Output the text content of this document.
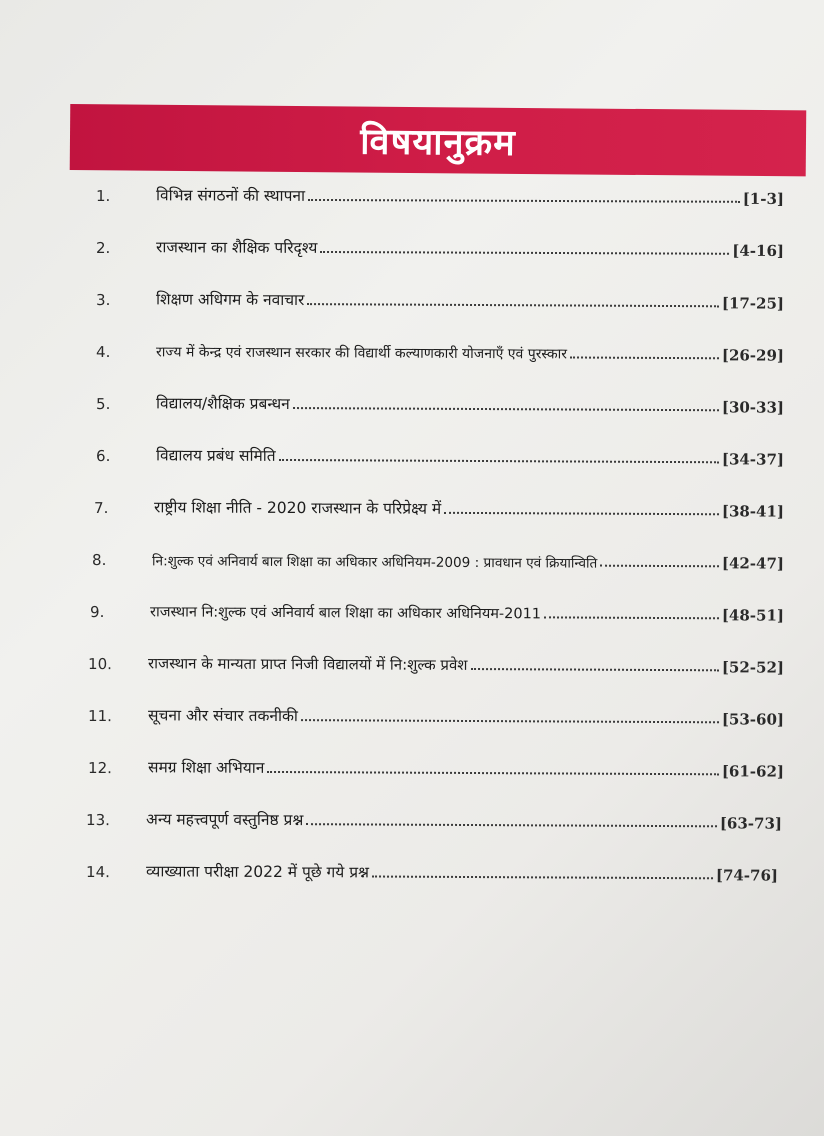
विषयानुक्रम
1.	विभिन्न संगठनों की स्थापना	[1-3]
2.	राजस्थान का शैक्षिक परिदृश्य	[4-16]
3.	शिक्षण अधिगम के नवाचार	[17-25]
4.	राज्य में केन्द्र एवं राजस्थान सरकार की विद्यार्थी कल्याणकारी योजनाएँ एवं पुरस्कार	[26-29]
5.	विद्यालय/शैक्षिक प्रबन्धन	[30-33]
6.	विद्यालय प्रबंध समिति	[34-37]
7.	राष्ट्रीय शिक्षा नीति - 2020 राजस्थान के परिप्रेक्ष्य में	[38-41]
8.	नि:शुल्क एवं अनिवार्य बाल शिक्षा का अधिकार अधिनियम-2009 : प्रावधान एवं क्रियान्विति	[42-47]
9.	राजस्थान नि:शुल्क एवं अनिवार्य बाल शिक्षा का अधिकार अधिनियम-2011	[48-51]
10.	राजस्थान के मान्यता प्राप्त निजी विद्यालयों में नि:शुल्क प्रवेश	[52-52]
11.	सूचना और संचार तकनीकी	[53-60]
12.	समग्र शिक्षा अभियान	[61-62]
13.	अन्य महत्त्वपूर्ण वस्तुनिष्ठ प्रश्न	[63-73]
14.	व्याख्याता परीक्षा 2022 में पूछे गये प्रश्न	[74-76]
